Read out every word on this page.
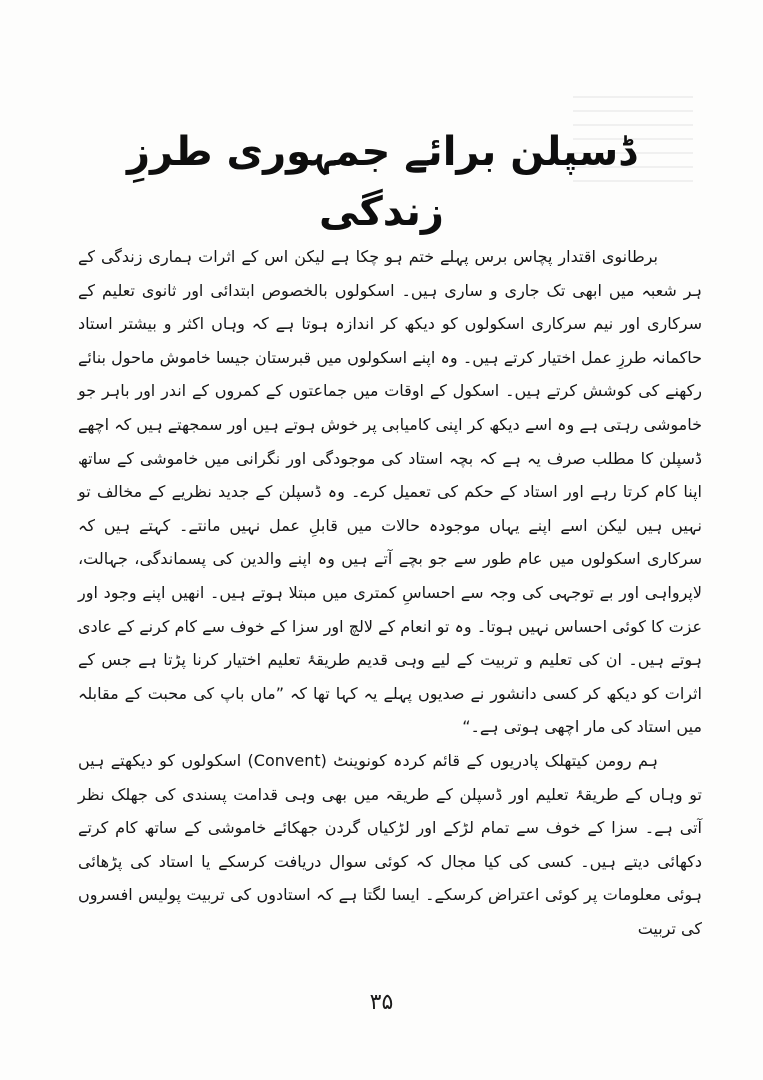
ڈسپلن برائے جمہوری طرزِ زندگی

برطانوی اقتدار پچاس برس پہلے ختم ہو چکا ہے لیکن اس کے اثرات ہماری زندگی کے ہر شعبہ میں ابھی تک جاری و ساری ہیں۔ اسکولوں بالخصوص ابتدائی اور ثانوی تعلیم کے سرکاری اور نیم سرکاری اسکولوں کو دیکھ کر اندازہ ہوتا ہے کہ وہاں اکثر و بیشتر استاد حاکمانہ طرزِ عمل اختیار کرتے ہیں۔ وہ اپنے اسکولوں میں قبرستان جیسا خاموش ماحول بنائے رکھنے کی کوشش کرتے ہیں۔ اسکول کے اوقات میں جماعتوں کے کمروں کے اندر اور باہر جو خاموشی رہتی ہے وہ اسے دیکھ کر اپنی کامیابی پر خوش ہوتے ہیں اور سمجھتے ہیں کہ اچھے ڈسپلن کا مطلب صرف یہ ہے کہ بچہ استاد کی موجودگی اور نگرانی میں خاموشی کے ساتھ اپنا کام کرتا رہے اور استاد کے حکم کی تعمیل کرے۔ وہ ڈسپلن کے جدید نظریے کے مخالف تو نہیں ہیں لیکن اسے اپنے یہاں موجودہ حالات میں قابلِ عمل نہیں مانتے۔ کہتے ہیں کہ سرکاری اسکولوں میں عام طور سے جو بچے آتے ہیں وہ اپنے والدین کی پسماندگی، جہالت، لاپرواہی اور بے توجہی کی وجہ سے احساسِ کمتری میں مبتلا ہوتے ہیں۔ انھیں اپنے وجود اور عزت کا کوئی احساس نہیں ہوتا۔ وہ تو انعام کے لالچ اور سزا کے خوف سے کام کرنے کے عادی ہوتے ہیں۔ ان کی تعلیم و تربیت کے لیے وہی قدیم طریقۂ تعلیم اختیار کرنا پڑتا ہے جس کے اثرات کو دیکھ کر کسی دانشور نے صدیوں پہلے یہ کہا تھا کہ ”ماں باپ کی محبت کے مقابلہ میں استاد کی مار اچھی ہوتی ہے۔“

ہم رومن کیتھلک پادریوں کے قائم کردہ کونوینٹ (Convent) اسکولوں کو دیکھتے ہیں تو وہاں کے طریقۂ تعلیم اور ڈسپلن کے طریقہ میں بھی وہی قدامت پسندی کی جھلک نظر آتی ہے۔ سزا کے خوف سے تمام لڑکے اور لڑکیاں گردن جھکائے خاموشی کے ساتھ کام کرتے دکھائی دیتے ہیں۔ کسی کی کیا مجال کہ کوئی سوال دریافت کرسکے یا استاد کی پڑھائی ہوئی معلومات پر کوئی اعتراض کرسکے۔ ایسا لگتا ہے کہ استادوں کی تربیت پولیس افسروں کی تربیت

۳۵
